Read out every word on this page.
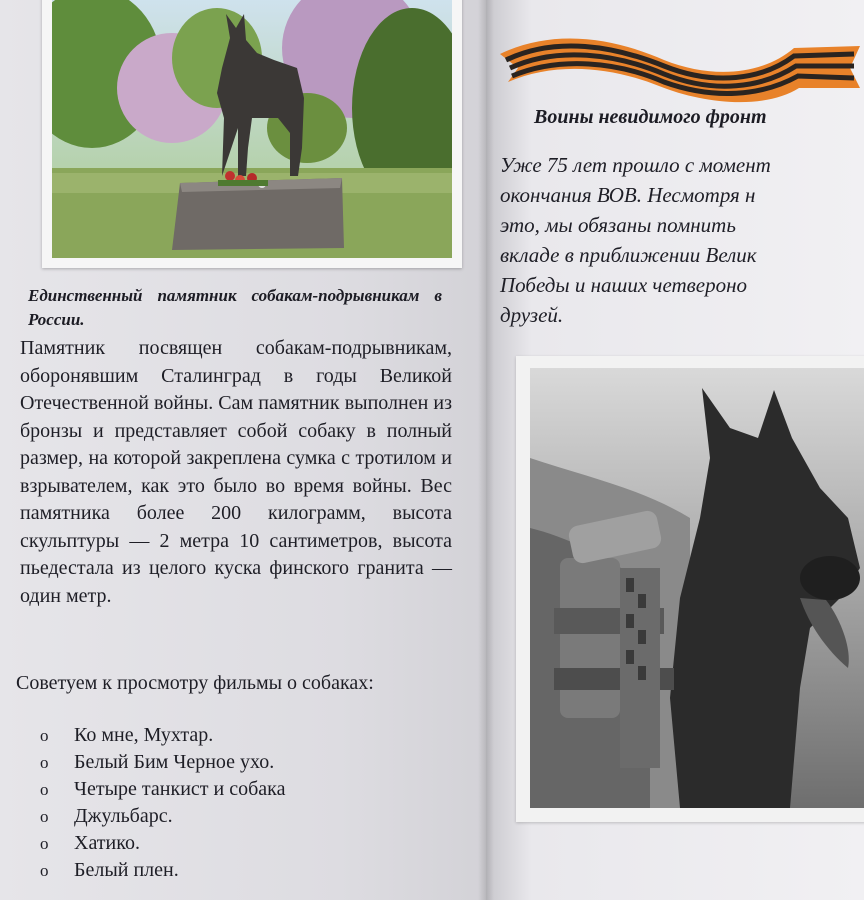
Единственный памятник собакам-подрывникам в России.
Памятник посвящен собакам-подрывникам, оборонявшим Сталинград в годы Великой Отечественной войны. Сам памятник выполнен из бронзы и представляет собой собаку в полный размер, на которой закреплена сумка с тротилом и взрывателем, как это было во время войны. Вес памятника более 200 килограмм, высота скульптуры — 2 метра 10 сантиметров, высота пьедестала из целого куска финского гранита — один метр.
Советуем к просмотру фильмы о собаках:
o	Ко мне, Мухтар.
o	Белый Бим Черное ухо.
o	Четыре танкист и собака
o	Джульбарс.
o	Хатико.
o	Белый плен.
Воины невидимого фронт
Уже 75 лет прошло с момент
окончания ВОВ. Несмотря н
это, мы обязаны помнить
вкладе в приближении Велик
Победы и наших четвероно
друзей.
